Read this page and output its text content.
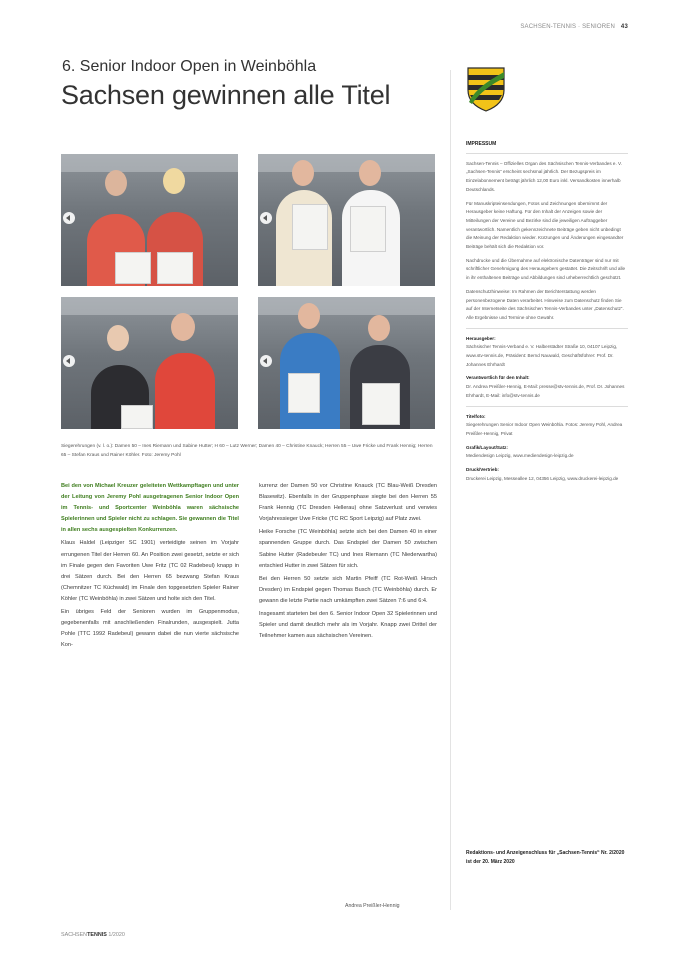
SACHSEN-TENNIS · SENIOREN 43
6. Senior Indoor Open in Weinböhla
Sachsen gewinnen alle Titel
Siegerehrungen (v. l. o.): Damen 50 – Ines Riemann und Sabine Hutter; H 60 – Lutz Werner; Damen 40 – Christine Knauck; Herren 55 – Uwe Fricke und Frank Hennig; Herren 65 – Stefan Kraus und Rainer Köhler. Foto: Jeremy Pohl

Bei den von Michael Kreuzer geleiteten Wettkampftagen und unter der Leitung von Jeremy Pohl ausgetragenen Senior Indoor Open im Tennis- und Sportcenter Weinböhla waren sächsische Spielerinnen und Spieler nicht zu schlagen. Sie gewannen die Titel in allen sechs ausgespielten Konkurrenzen.

Klaus Haldel (Leipziger SC 1901) verteidigte seinen im Vorjahr errungenen Titel der Herren 60. An Position zwei gesetzt, setzte er sich im Finale gegen den Favoriten Uwe Fritz (TC 02 Radebeul) knapp in drei Sätzen durch. Bei den Herren 65 bezwang Stefan Kraus (Chemnitzer TC Küchwald) im Finale den topgesetzten Spieler Rainer Köhler (TC Weinböhla) in zwei Sätzen und holte sich den Titel.

Ein übriges Feld der Senioren wurden im Gruppenmodus, gegebenenfalls mit anschließenden Finalrunden, ausgespielt. Jutta Pohle (TTC 1992 Radebeul) gewann dabei die nun vierte sächsische Kon-

kurrenz der Damen 50 vor Christine Knauck (TC Blau-Weiß Dresden Blasewitz). Ebenfalls in der Gruppenphase siegte bei den Herren 55 Frank Hennig (TC Dresden Hellerau) ohne Satzverlust und verwies Vorjahressieger Uwe Fricke (TC RC Sport Leipzig) auf Platz zwei.

Heike Forsche (TC Weinböhla) setzte sich bei den Damen 40 in einer spannenden Gruppe durch. Das Endspiel der Damen 50 zwischen Sabine Hutter (Radebeuler TC) und Ines Riemann (TC Niederwartha) entschied Hutter in zwei Sätzen für sich.

Bei den Herren 50 setzte sich Martin Pfeiff (TC Rot-Weiß Hirsch Dresden) im Endspiel gegen Thomas Busch (TC Weinböhla) durch. Er gewann die letzte Partie nach umkämpften zwei Sätzen 7:6 und 6:4.

Insgesamt starteten bei den 6. Senior Indoor Open 32 Spielerinnen und Spieler und damit deutlich mehr als im Vorjahr. Knapp zwei Drittel der Teilnehmer kamen aus sächsischen Vereinen.

Andrea Preißler-Hennig
IMPRESSUM

Sachsen-Tennis – Offizielles Organ des Sächsischen Tennis-Verbandes e. V. „Sachsen-Tennis“ erscheint sechsmal jährlich. Der Bezugspreis im Einzelabonnement beträgt jährlich 12,00 Euro inkl. Versandkosten innerhalb Deutschlands.

Für Manuskripteinsendungen, Fotos und Zeichnungen übernimmt der Herausgeber keine Haftung. Für den Inhalt der Anzeigen sowie der Mitteilungen der Vereine und Bezirke sind die jeweiligen Auftraggeber verantwortlich. Namentlich gekennzeichnete Beiträge geben nicht unbedingt die Meinung der Redaktion wieder. Kürzungen und Änderungen eingesandter Beiträge behält sich die Redaktion vor.

Nachdrucke und die Übernahme auf elektronische Datenträger sind nur mit schriftlicher Genehmigung des Herausgebers gestattet. Die Zeitschrift und alle in ihr enthaltenen Beiträge und Abbildungen sind urheberrechtlich geschützt.

Datenschutzhinweise: Im Rahmen der Berichterstattung werden personenbezogene Daten verarbeitet. Hinweise zum Datenschutz finden Sie auf der Internetseite des Sächsischen Tennis-Verbandes unter „Datenschutz“. Alle Ergebnisse und Termine ohne Gewähr.

Herausgeber:

Sächsischer Tennis-Verband e. V. Halberstädter Straße 10, 04107 Leipzig, www.stv-tennis.de, Präsident: Bernd Nauwald, Geschäftsführer: Prof. Dr. Johannes Ehrhardt

Verantwortlich für den Inhalt:

Dr. Andrea Preißler-Hennig, E-Mail: presse@stv-tennis.de, Prof. Dr. Johannes Ehrhardt, E-Mail: info@stv-tennis.de

Titelfoto:

Siegerehrungen Senior Indoor Open Weinböhla. Fotos: Jeremy Pohl, Andrea Preißler-Hennig, Privat

Grafik/Layout/Satz:

Mediendesign Leipzig, www.mediendesign-leipzig.de

Druck/Vertrieb:

Druckerei Leipzig, Messeallee 12, 04356 Leipzig, www.druckerei-leipzig.de

Redaktions- und Anzeigenschluss für „Sachsen-Tennis“ Nr. 2/2020 ist der 20. März 2020
SACHSENTENNIS 1/2020
